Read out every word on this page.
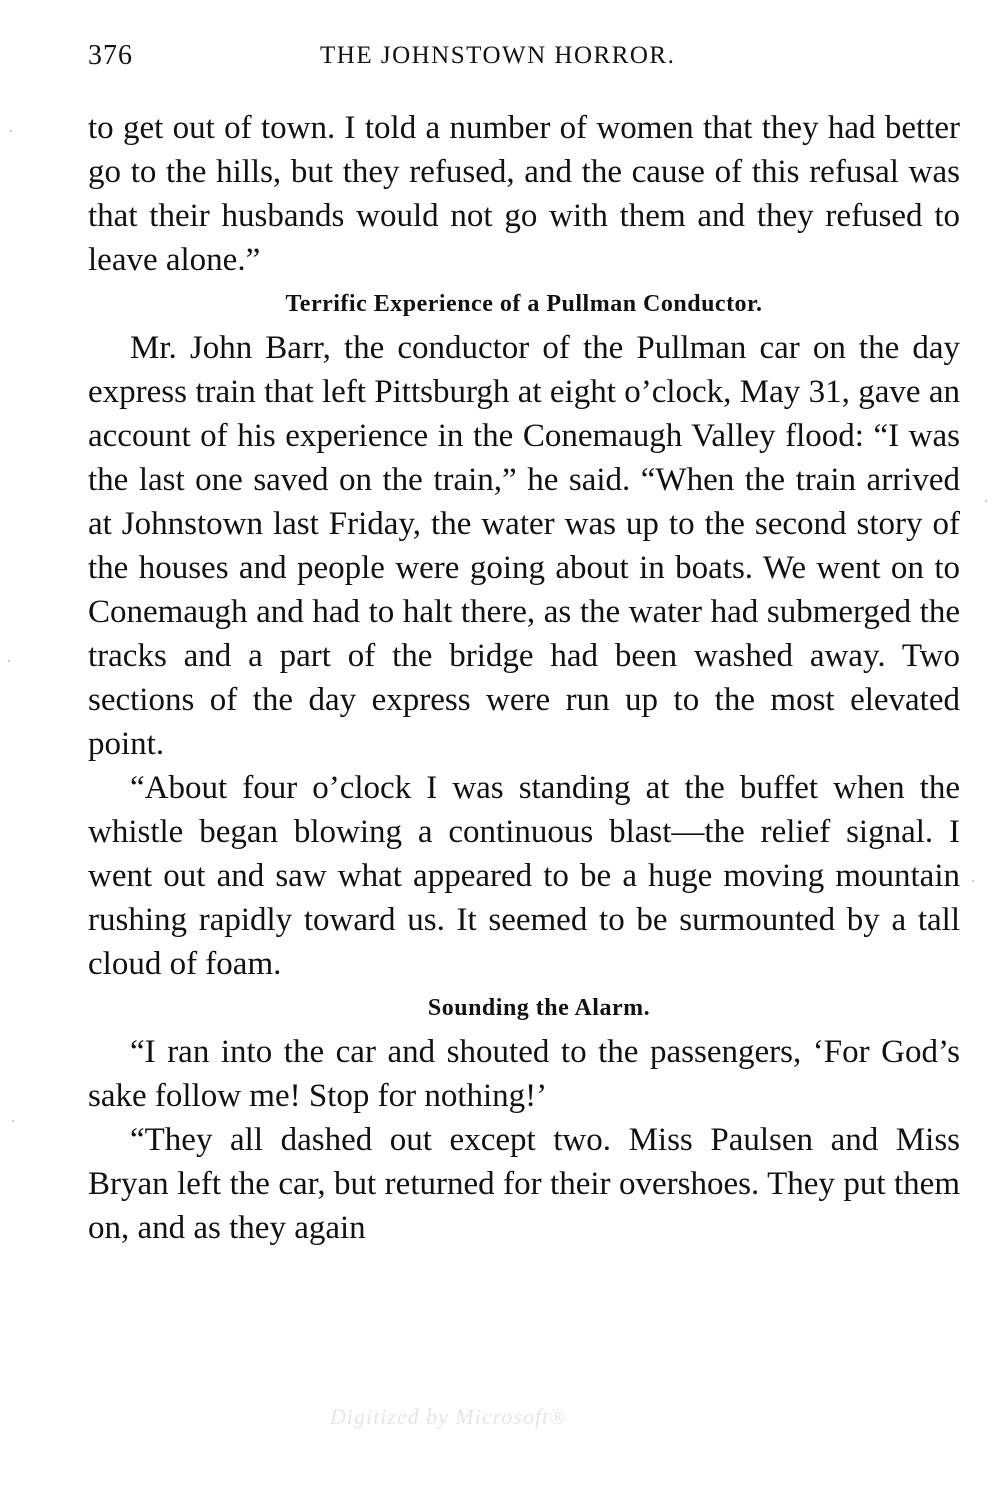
376	THE JOHNSTOWN HORROR.

to get out of town. I told a number of women that they had better go to the hills, but they refused, and the cause of this refusal was that their husbands would not go with them and they refused to leave alone.”

Terrific Experience of a Pullman Conductor.

Mr. John Barr, the conductor of the Pullman car on the day express train that left Pittsburgh at eight o’clock, May 31, gave an account of his experience in the Conemaugh Valley flood: “I was the last one saved on the train,” he said. “When the train arrived at Johnstown last Friday, the water was up to the second story of the houses and people were going about in boats. We went on to Conemaugh and had to halt there, as the water had submerged the tracks and a part of the bridge had been washed away. Two sections of the day express were run up to the most elevated point.

“About four o’clock I was standing at the buffet when the whistle began blowing a continuous blast—the relief signal. I went out and saw what appeared to be a huge moving mountain rushing rapidly toward us. It seemed to be surmounted by a tall cloud of foam.

Sounding the Alarm.

“I ran into the car and shouted to the passengers, ‘For God’s sake follow me! Stop for nothing!’

“They all dashed out except two. Miss Paulsen and Miss Bryan left the car, but returned for their overshoes. They put them on, and as they again

Digitized by Microsoft®
